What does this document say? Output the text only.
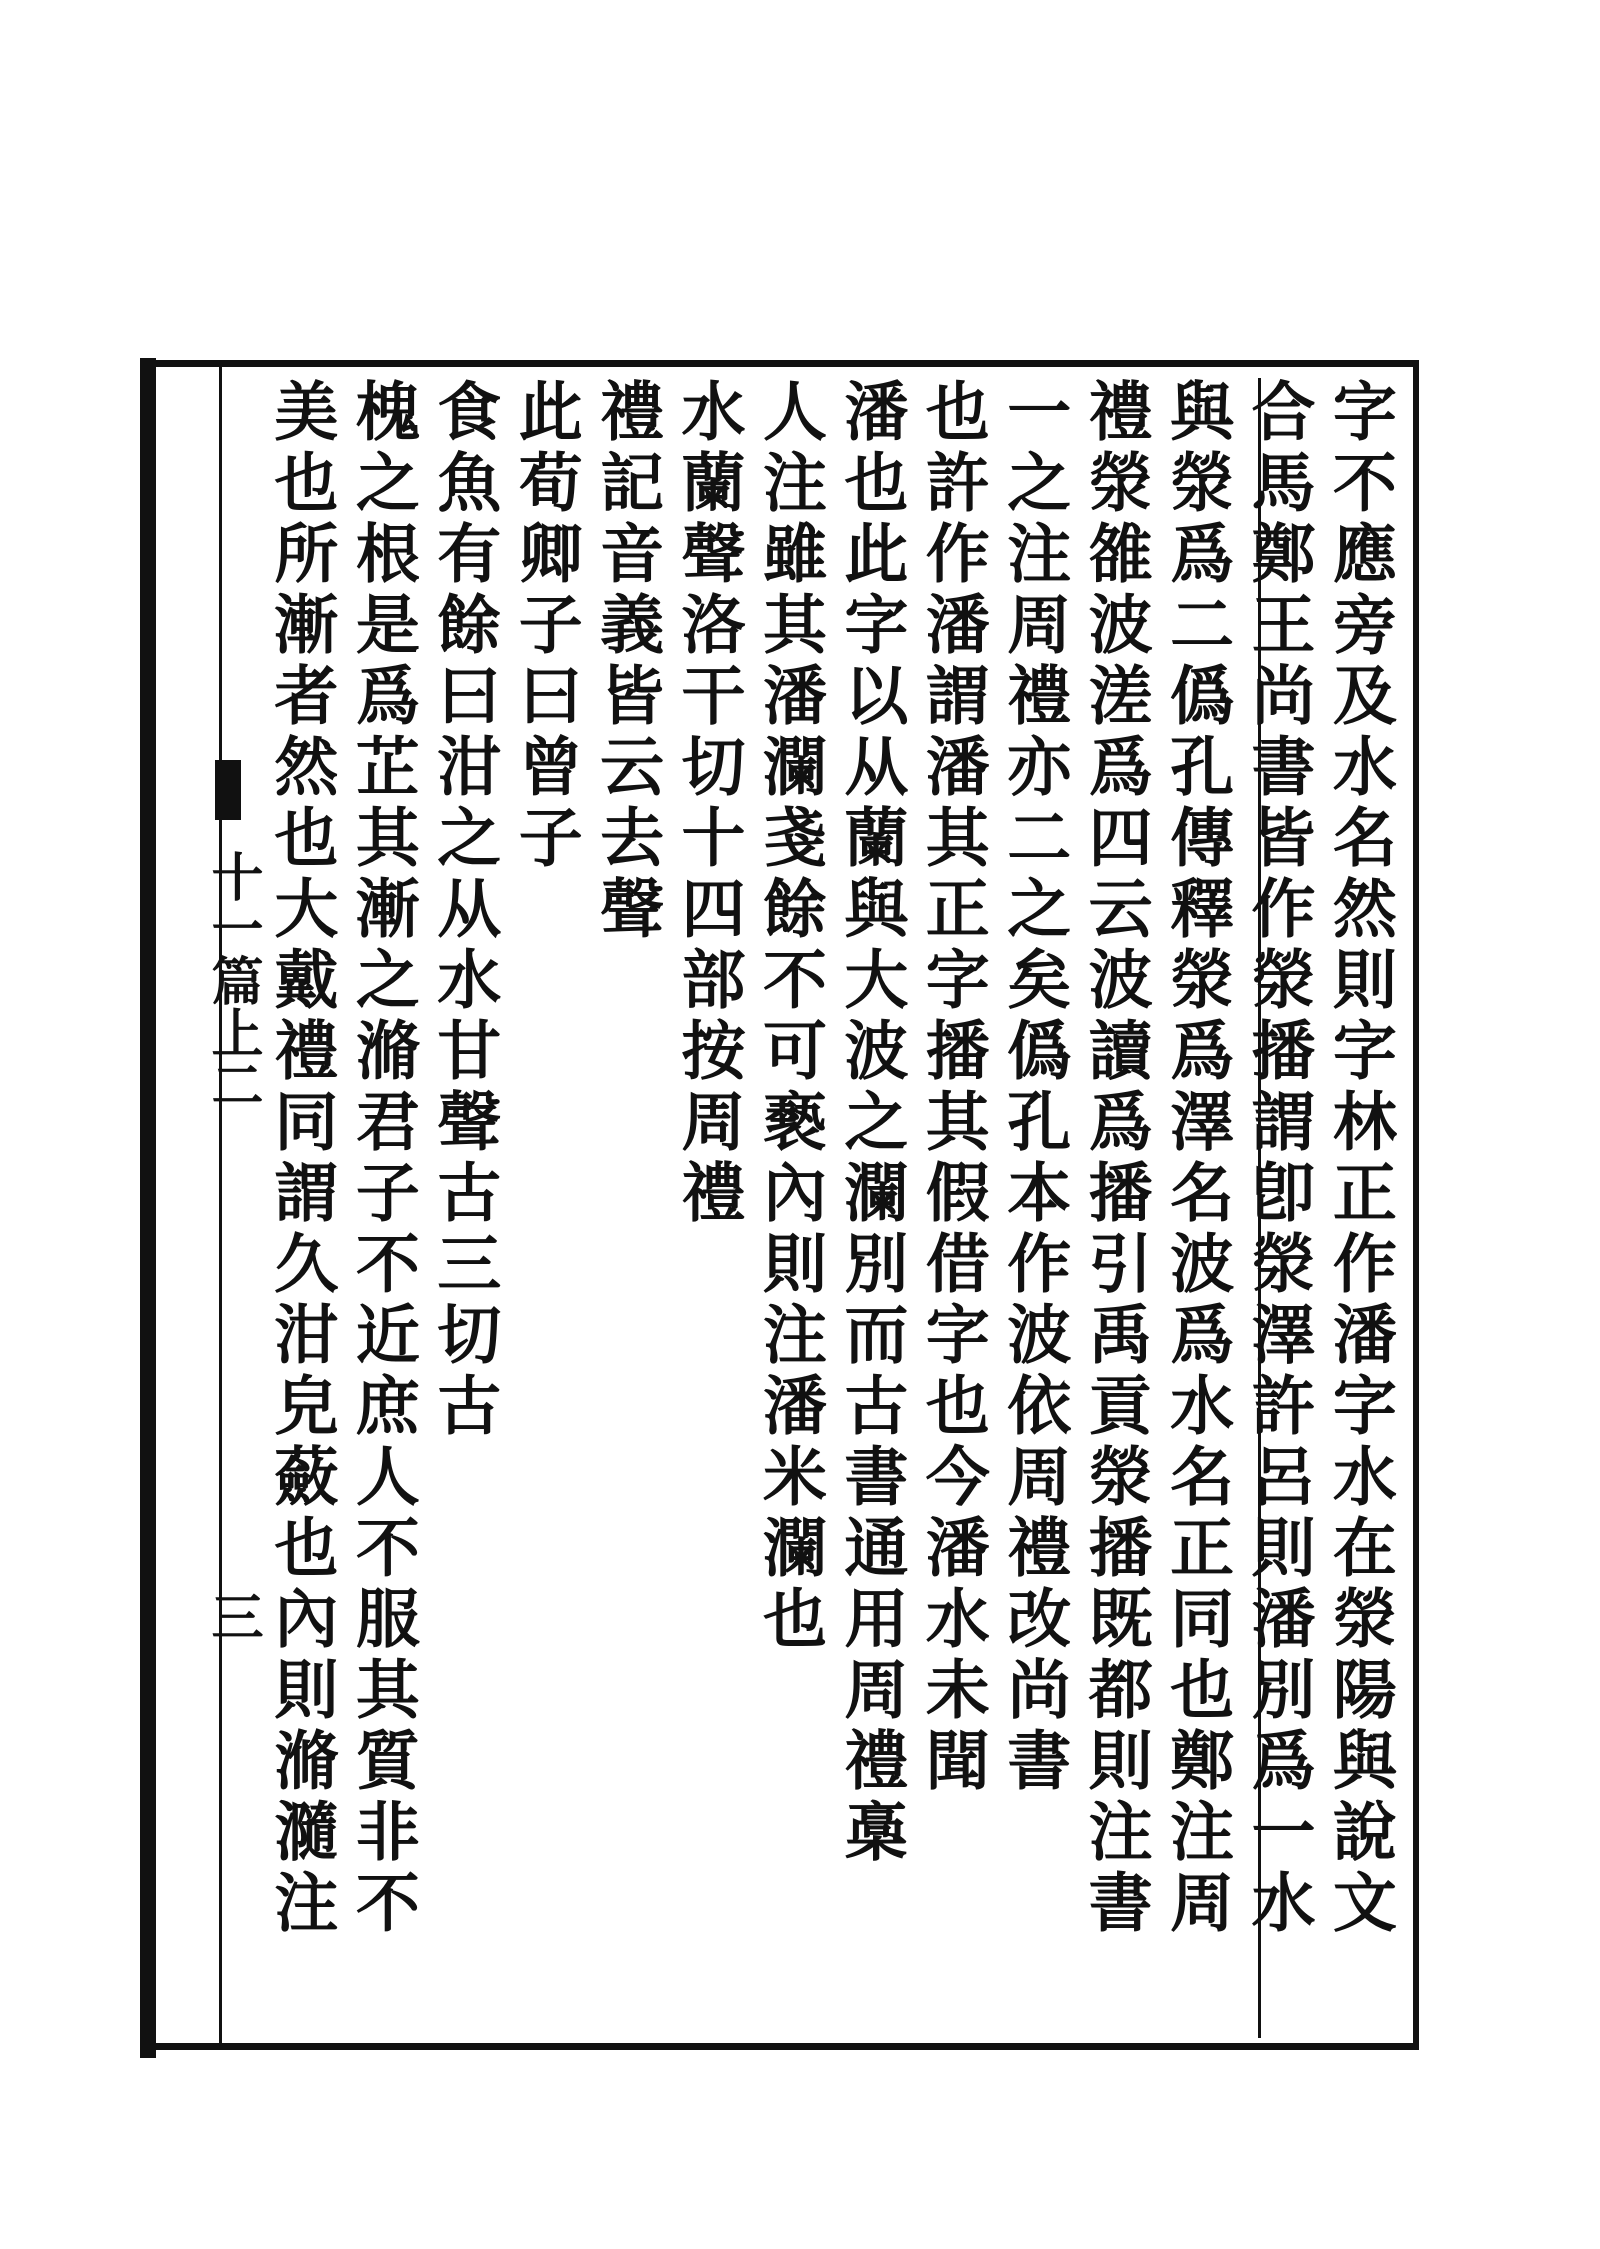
十一篇上二
三	字不應旁及水名然則字林正作潘字水在滎陽與說文
合馬鄭王尚書皆作滎播謂卽滎澤許呂則潘別爲一水
與滎爲二僞孔傳釋滎爲澤名波爲水名正同也鄭注周
禮滎雒波溠爲四云波讀爲播引禹貢滎播既都則注書
一之注周禮亦二之矣僞孔本作波依周禮改尚書
也許作潘謂潘其正字播其假借字也今潘水未聞
潘也此字以从蘭與大波之瀾別而古書通用周禮槀
人注雖其潘瀾戔餘不可褻內則注潘米瀾也
水蘭聲洛干切十四部按周禮
禮記音義皆云去聲
此荀卿子曰曾子
食魚有餘曰泔之从水甘聲古三切古
槐之根是爲芷其漸之滫君子不近庶人不服其質非不
美也所漸者然也大戴禮同謂久泔皃蘞也內則滫瀡注
